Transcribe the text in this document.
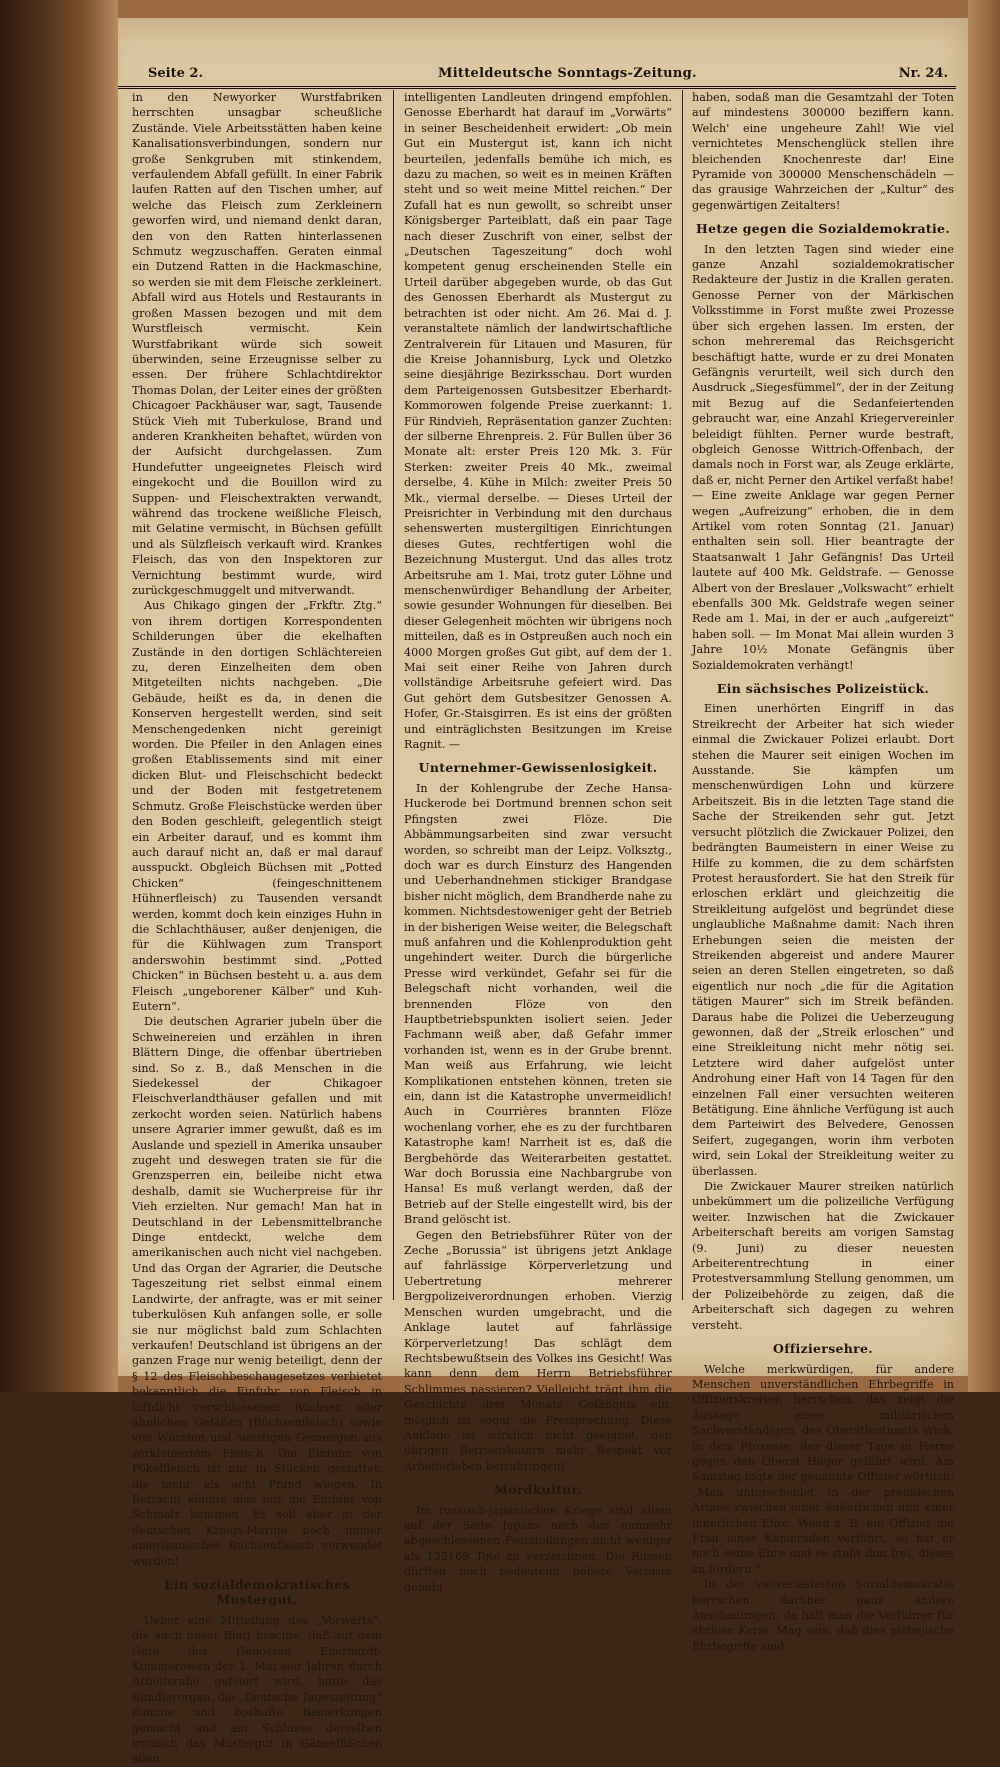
Seite 2.	Mitteldeutsche Sonntags-Zeitung.	Nr. 24.

in den Newyorker Wurstfabriken herrschten unsagbar scheußliche Zustände. Viele Arbeitsstätten haben keine Kanalisationsverbindungen, sondern nur große Senkgruben mit stinkendem, verfaulendem Abfall gefüllt. In einer Fabrik laufen Ratten auf den Tischen umher, auf welche das Fleisch zum Zerkleinern geworfen wird, und niemand denkt daran, den von den Ratten hinterlassenen Schmutz wegzuschaffen. Geraten einmal ein Dutzend Ratten in die Hackmaschine, so werden sie mit dem Fleische zerkleinert. Abfall wird aus Hotels und Restaurants in großen Massen bezogen und mit dem Wurstfleisch vermischt. Kein Wurstfabrikant würde sich soweit überwinden, seine Erzeugnisse selber zu essen. Der frühere Schlachtdirektor Thomas Dolan, der Leiter eines der größten Chicagoer Packhäuser war, sagt, Tausende Stück Vieh mit Tuberkulose, Brand und anderen Krankheiten behaftet, würden von der Aufsicht durchgelassen. Zum Hundefutter ungeeignetes Fleisch wird eingekocht und die Bouillon wird zu Suppen- und Fleischextrakten verwandt, während das trockene weißliche Fleisch, mit Gelatine vermischt, in Büchsen gefüllt und als Sülzfleisch verkauft wird. Krankes Fleisch, das von den Inspektoren zur Vernichtung bestimmt wurde, wird zurückgeschmuggelt und mitverwandt.

Aus Chikago gingen der „Frkftr. Ztg.“ von ihrem dortigen Korrespondenten Schilderungen über die ekelhaften Zustände in den dortigen Schlächtereien zu, deren Einzelheiten dem oben Mitgeteilten nichts nachgeben. „Die Gebäude, heißt es da, in denen die Konserven hergestellt werden, sind seit Menschengedenken nicht gereinigt worden. Die Pfeiler in den Anlagen eines großen Etablissements sind mit einer dicken Blut- und Fleischschicht bedeckt und der Boden mit festgetretenem Schmutz. Große Fleischstücke werden über den Boden geschleift, gelegentlich steigt ein Arbeiter darauf, und es kommt ihm auch darauf nicht an, daß er mal darauf ausspuckt. Obgleich Büchsen mit „Potted Chicken“ (feingeschnittenem Hühnerfleisch) zu Tausenden versandt werden, kommt doch kein einziges Huhn in die Schlachthäuser, außer denjenigen, die für die Kühlwagen zum Transport anderswohin bestimmt sind. „Potted Chicken“ in Büchsen besteht u. a. aus dem Fleisch „ungeborener Kälber“ und Kuh-Eutern“.

Die deutschen Agrarier jubeln über die Schweinereien und erzählen in ihren Blättern Dinge, die offenbar übertrieben sind. So z. B., daß Menschen in die Siedekessel der Chikagoer Fleischverlandthäuser gefallen und mit zerkocht worden seien. Natürlich habens unsere Agrarier immer gewußt, daß es im Auslande und speziell in Amerika unsauber zugeht und deswegen traten sie für die Grenzsperren ein, beileibe nicht etwa deshalb, damit sie Wucherpreise für ihr Vieh erzielten. Nur gemach! Man hat in Deutschland in der Lebensmittelbranche Dinge entdeckt, welche dem amerikanischen auch nicht viel nachgeben. Und das Organ der Agrarier, die Deutsche Tageszeitung riet selbst einmal einem Landwirte, der anfragte, was er mit seiner tuberkulösen Kuh anfangen solle, er solle sie nur möglichst bald zum Schlachten verkaufen! Deutschland ist übrigens an der ganzen Frage nur wenig beteiligt, denn der § 12 des Fleischbeschaugesetzes verbietet bekanntlich die Einfuhr von Fleisch in luftdicht verschlossenen Büchsen oder ähnlichen Gefäßen (Büchsenfleisch) sowie von Würsten und sonstigen Gemengen aus zerkleinertem Fleisch. Die Einfuhr von Pökelfleisch ist nur in Stücken gestattet, die mehr als acht Pfund wiegen. In Betracht könnte also nur die Einfuhr von Schmalz kommen. Es soll aber in der deutschen Kriegs-Marine noch immer amerikanisches Büchsenfleisch verwendet werden!

Ein sozialdemokratisches Mustergut.

Ueber eine Mitteilung des „Vorwärts“, die auch unser Blatt brachte, daß auf dem Gute des Genossen Eberhardt-Kommorowen der 1. Mai seit Jahren durch Arbeitsruhe gefeiert wird, hatte das Bündlerorgan, die „Deutsche Tageszeitung“ dumme und boshafte Bemerkungen gemacht und am Schlusse derselben ironisch das Mustergut in Gänsefüßchen allen

intelligenten Landleuten dringend empfohlen. Genosse Eberhardt hat darauf im „Vorwärts“ in seiner Bescheidenheit erwidert: „Ob mein Gut ein Mustergut ist, kann ich nicht beurteilen, jedenfalls bemühe ich mich, es dazu zu machen, so weit es in meinen Kräften steht und so weit meine Mittel reichen.“ Der Zufall hat es nun gewollt, so schreibt unser Königsberger Parteiblatt, daß ein paar Tage nach dieser Zuschrift von einer, selbst der „Deutschen Tageszeitung“ doch wohl kompetent genug erscheinenden Stelle ein Urteil darüber abgegeben wurde, ob das Gut des Genossen Eberhardt als Mustergut zu betrachten ist oder nicht. Am 26. Mai d. J. veranstaltete nämlich der landwirtschaftliche Zentralverein für Litauen und Masuren, für die Kreise Johannisburg, Lyck und Oletzko seine diesjährige Bezirksschau. Dort wurden dem Parteigenossen Gutsbesitzer Eberhardt-Kommorowen folgende Preise zuerkannt: 1. Für Rindvieh, Repräsentation ganzer Zuchten: der silberne Ehrenpreis. 2. Für Bullen über 36 Monate alt: erster Preis 120 Mk. 3. Für Sterken: zweiter Preis 40 Mk., zweimal derselbe, 4. Kühe in Milch: zweiter Preis 50 Mk., viermal derselbe. — Dieses Urteil der Preisrichter in Verbindung mit den durchaus sehenswerten mustergiltigen Einrichtungen dieses Gutes, rechtfertigen wohl die Bezeichnung Mustergut. Und das alles trotz Arbeitsruhe am 1. Mai, trotz guter Löhne und menschenwürdiger Behandlung der Arbeiter, sowie gesunder Wohnungen für dieselben. Bei dieser Gelegenheit möchten wir übrigens noch mitteilen, daß es in Ostpreußen auch noch ein 4000 Morgen großes Gut gibt, auf dem der 1. Mai seit einer Reihe von Jahren durch vollständige Arbeitsruhe gefeiert wird. Das Gut gehört dem Gutsbesitzer Genossen A. Hofer, Gr.-Staisgirren. Es ist eins der größten und einträglichsten Besitzungen im Kreise Ragnit. —

Unternehmer-Gewissenlosigkeit.

In der Kohlengrube der Zeche Hansa-Huckerode bei Dortmund brennen schon seit Pfingsten zwei Flöze. Die Abbämmungsarbeiten sind zwar versucht worden, so schreibt man der Leipz. Volksztg., doch war es durch Einsturz des Hangenden und Ueberhandnehmen stickiger Brandgase bisher nicht möglich, dem Brandherde nahe zu kommen. Nichtsdestoweniger geht der Betrieb in der bisherigen Weise weiter, die Belegschaft muß anfahren und die Kohlenproduktion geht ungehindert weiter. Durch die bürgerliche Presse wird verkündet, Gefahr sei für die Belegschaft nicht vorhanden, weil die brennenden Flöze von den Hauptbetriebspunkten isoliert seien. Jeder Fachmann weiß aber, daß Gefahr immer vorhanden ist, wenn es in der Grube brennt. Man weiß aus Erfahrung, wie leicht Komplikationen entstehen können, treten sie ein, dann ist die Katastrophe unvermeidlich! Auch in Courrières brannten Flöze wochenlang vorher, ehe es zu der furchtbaren Katastrophe kam! Narrheit ist es, daß die Bergbehörde das Weiterarbeiten gestattet. War doch Borussia eine Nachbargrube von Hansa! Es muß verlangt werden, daß der Betrieb auf der Stelle eingestellt wird, bis der Brand gelöscht ist.

Gegen den Betriebsführer Rüter von der Zeche „Borussia“ ist übrigens jetzt Anklage auf fahrlässige Körperverletzung und Uebertretung mehrerer Bergpolizeiverordnungen erhoben. Vierzig Menschen wurden umgebracht, und die Anklage lautet auf fahrlässige Körperverletzung! Das schlägt dem Rechtsbewußtsein des Volkes ins Gesicht! Was kann denn dem Herrn Betriebsführer Schlimmes passieren? Vielleicht trägt ihm die Geschichte drei Monate Gefängnis ein, möglich ist sogar die Freisprechung. Diese Anklage ist wirklich nicht geeignet, den übrigen Betriebsleitern mehr Respekt vor Arbeiterleben beizubringen!

Mordkultur.

Im russisch-japanischen Kriege sind allein auf der Seite Japans nach den nunmehr abgeschlossenen Feststellungen nicht weniger als 135169 Tote zu verzeichnen. Die Russen dürften noch bedeutend höhere Verluste gehabt

haben, sodaß man die Gesamtzahl der Toten auf mindestens 300000 beziffern kann. Welch' eine ungeheure Zahl! Wie viel vernichtetes Menschenglück stellen ihre bleichenden Knochenreste dar! Eine Pyramide von 300000 Menschenschädeln — das grausige Wahrzeichen der „Kultur“ des gegenwärtigen Zeitalters!

Hetze gegen die Sozialdemokratie.

In den letzten Tagen sind wieder eine ganze Anzahl sozialdemokratischer Redakteure der Justiz in die Krallen geraten. Genosse Perner von der Märkischen Volksstimme in Forst mußte zwei Prozesse über sich ergehen lassen. Im ersten, der schon mehreremal das Reichsgericht beschäftigt hatte, wurde er zu drei Monaten Gefängnis verurteilt, weil sich durch den Ausdruck „Siegesfümmel“, der in der Zeitung mit Bezug auf die Sedanfeiertenden gebraucht war, eine Anzahl Kriegervereinler beleidigt fühlten. Perner wurde bestraft, obgleich Genosse Wittrich-Offenbach, der damals noch in Forst war, als Zeuge erklärte, daß er, nicht Perner den Artikel verfaßt habe! — Eine zweite Anklage war gegen Perner wegen „Aufreizung“ erhoben, die in dem Artikel vom roten Sonntag (21. Januar) enthalten sein soll. Hier beantragte der Staatsanwalt 1 Jahr Gefängnis! Das Urteil lautete auf 400 Mk. Geldstrafe. — Genosse Albert von der Breslauer „Volkswacht“ erhielt ebenfalls 300 Mk. Geldstrafe wegen seiner Rede am 1. Mai, in der er auch „aufgereizt“ haben soll. — Im Monat Mai allein wurden 3 Jahre 10½ Monate Gefängnis über Sozialdemokraten verhängt!

Ein sächsisches Polizeistück.

Einen unerhörten Eingriff in das Streikrecht der Arbeiter hat sich wieder einmal die Zwickauer Polizei erlaubt. Dort stehen die Maurer seit einigen Wochen im Ausstande. Sie kämpfen um menschenwürdigen Lohn und kürzere Arbeitszeit. Bis in die letzten Tage stand die Sache der Streikenden sehr gut. Jetzt versucht plötzlich die Zwickauer Polizei, den bedrängten Baumeistern in einer Weise zu Hilfe zu kommen, die zu dem schärfsten Protest herausfordert. Sie hat den Streik für erloschen erklärt und gleichzeitig die Streikleitung aufgelöst und begründet diese unglaubliche Maßnahme damit: Nach ihren Erhebungen seien die meisten der Streikenden abgereist und andere Maurer seien an deren Stellen eingetreten, so daß eigentlich nur noch „die für die Agitation tätigen Maurer“ sich im Streik befänden. Daraus habe die Polizei die Ueberzeugung gewonnen, daß der „Streik erloschen“ und eine Streikleitung nicht mehr nötig sei. Letztere wird daher aufgelöst unter Androhung einer Haft von 14 Tagen für den einzelnen Fall einer versuchten weiteren Betätigung. Eine ähnliche Verfügung ist auch dem Parteiwirt des Belvedere, Genossen Seifert, zugegangen, worin ihm verboten wird, sein Lokal der Streikleitung weiter zu überlassen.

Die Zwickauer Maurer streiken natürlich unbekümmert um die polizeiliche Verfügung weiter. Inzwischen hat die Zwickauer Arbeiterschaft bereits am vorigen Samstag (9. Juni) zu dieser neuesten Arbeiterentrechtung in einer Protestversammlung Stellung genommen, um der Polizeibehörde zu zeigen, daß die Arbeiterschaft sich dagegen zu wehren versteht.

Offiziersehre.

Welche merkwürdigen, für andere Menschen unverständlichen Ehrbegriffe in Offizierskreisen herrschen, das zeigt die Aussage eines militärischen Sachverständigen, des Oberstleutnants Wick, in dem Prozesse, der dieser Tage in Herne gegen den Oberst Hüger geführt wird. Am Samstag fagte der genannte Offizier wörtlich: „Man unterscheidet in der preußischen Armee zwischen einer äußerlichen und einer innerlichen Ehre. Wenn z. B. ein Offizier die Frau eines Kameraden verführt, so hat er noch seine Ehre und es steht ihm frei, dieses zu fordern.“

In der vielverlästerten Sozialdemokratie herrschen darüber ganz andere Anschauungen, da hält man die Verführer für ehrlose Kerle. Mag sein, daß dies plebejische Ehrbegriffe sind.
